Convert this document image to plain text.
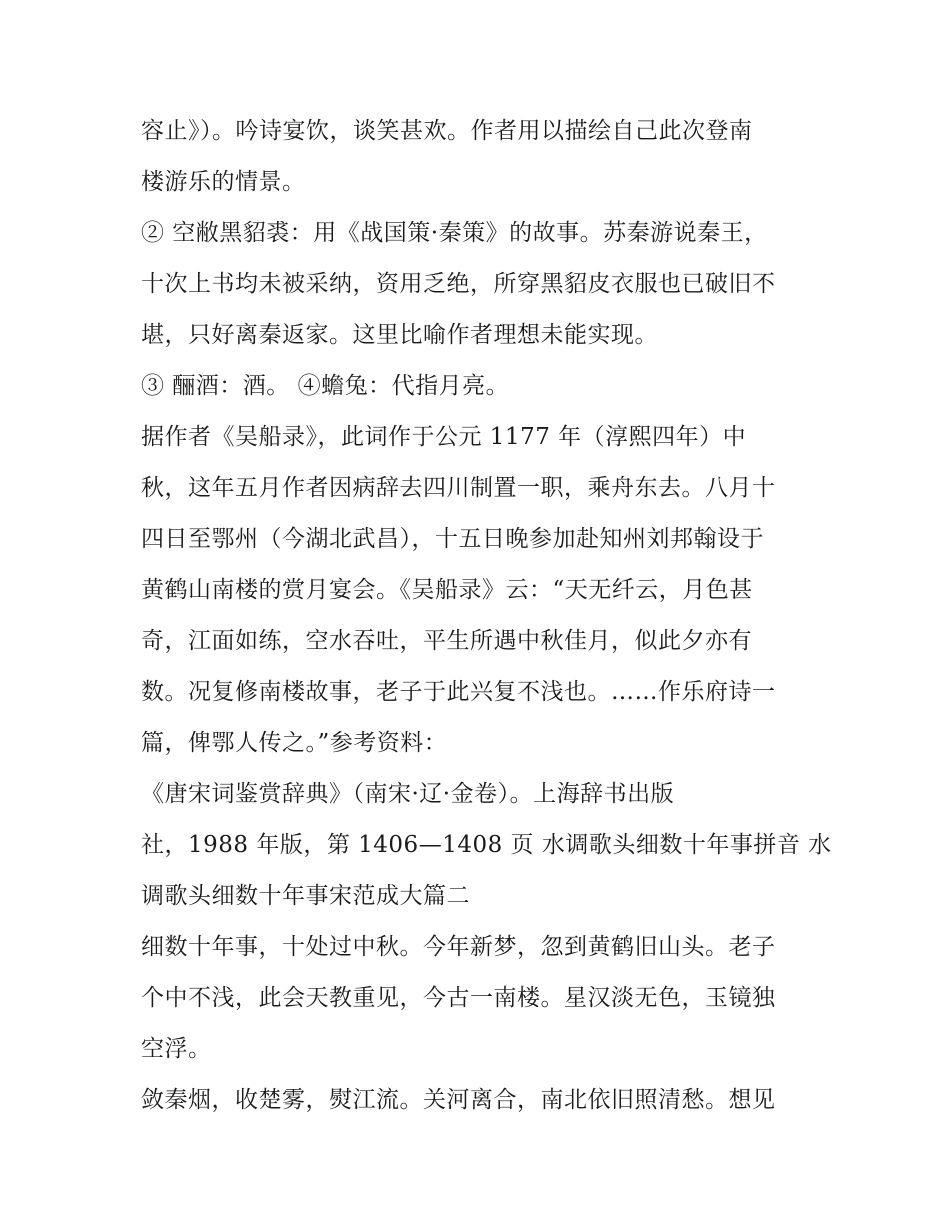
容止》）。吟诗宴饮，谈笑甚欢。作者用以描绘自己此次登南
楼游乐的情景。
② 空敝黑貂裘：用《战国策·秦策》的故事。苏秦游说秦王，
十次上书均未被采纳，资用乏绝，所穿黑貂皮衣服也已破旧不
堪，只好离秦返家。这里比喻作者理想未能实现。
③ 酾酒：酒。 ④蟾兔：代指月亮。
据作者《吴船录》，此词作于公元 1177 年（淳熙四年）中
秋，这年五月作者因病辞去四川制置一职，乘舟东去。八月十
四日至鄂州（今湖北武昌），十五日晚参加赴知州刘邦翰设于
黄鹤山南楼的赏月宴会。《吴船录》云：“天无纤云，月色甚
奇，江面如练，空水吞吐，平生所遇中秋佳月，似此夕亦有
数。况复修南楼故事，老子于此兴复不浅也。……作乐府诗一
篇，俾鄂人传之。”参考资料：
《唐宋词鉴赏辞典》（南宋·辽·金卷）。上海辞书出版
社，1988 年版，第 1406—1408 页 水调歌头细数十年事拼音 水
调歌头细数十年事宋范成大篇二
细数十年事，十处过中秋。今年新梦，忽到黄鹤旧山头。老子
个中不浅，此会天教重见，今古一南楼。星汉淡无色，玉镜独
空浮。
敛秦烟，收楚雾，熨江流。关河离合，南北依旧照清愁。想见
